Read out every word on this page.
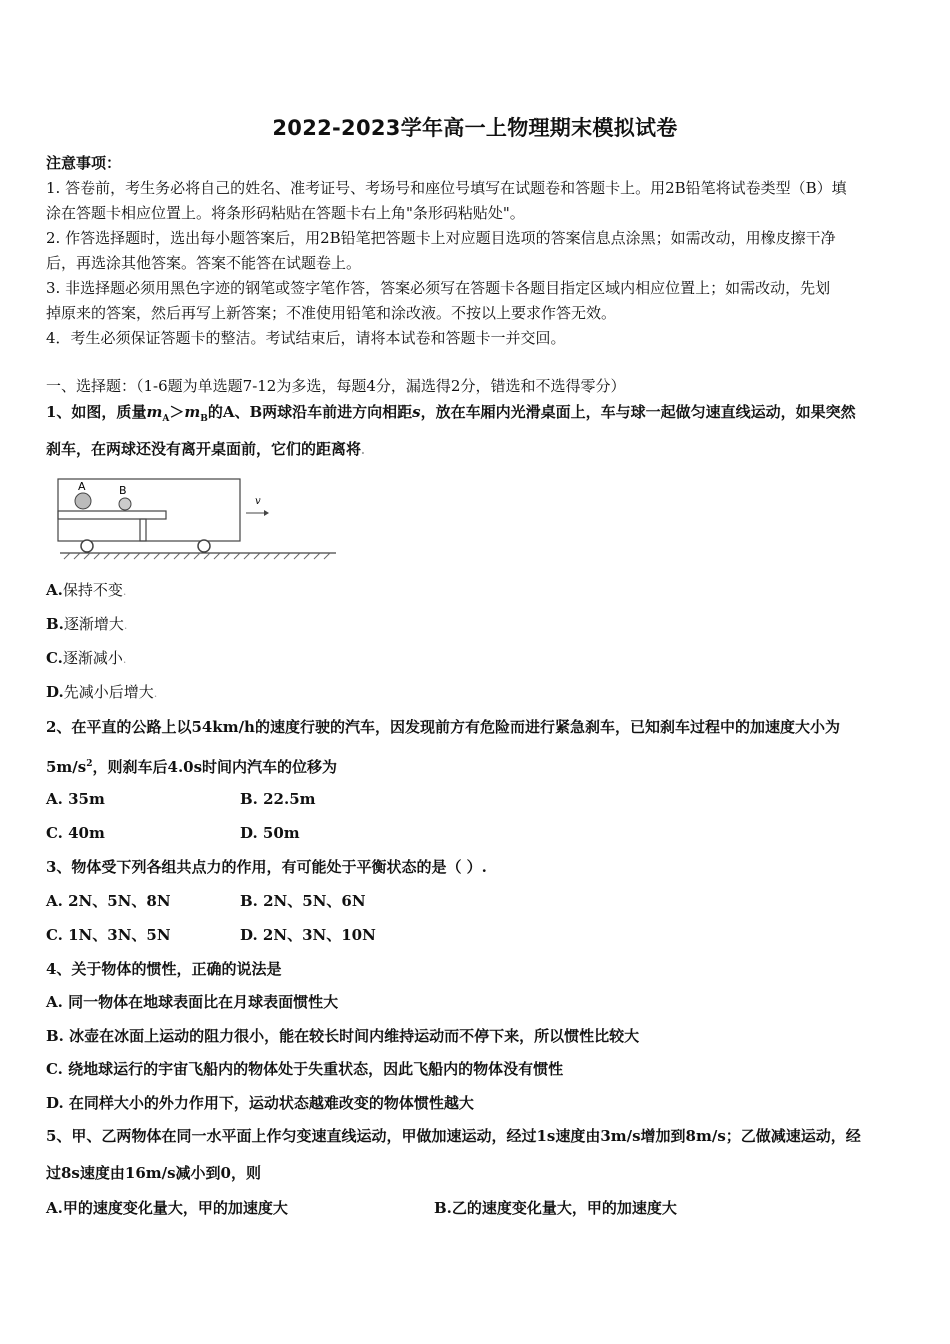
2022-2023学年高一上物理期末模拟试卷
注意事项：
1. 答卷前，考生务必将自己的姓名、准考证号、考场号和座位号填写在试题卷和答题卡上。用2B铅笔将试卷类型（B）填
涂在答题卡相应位置上。将条形码粘贴在答题卡右上角"条形码粘贴处"。
2. 作答选择题时，选出每小题答案后，用2B铅笔把答题卡上对应题目选项的答案信息点涂黑；如需改动，用橡皮擦干净
后，再选涂其他答案。答案不能答在试题卷上。
3. 非选择题必须用黑色字迹的钢笔或签字笔作答，答案必须写在答题卡各题目指定区域内相应位置上；如需改动，先划
掉原来的答案，然后再写上新答案；不准使用铅笔和涂改液。不按以上要求作答无效。
4．考生必须保证答题卡的整洁。考试结束后，请将本试卷和答题卡一并交回。
一、选择题：（1-6题为单选题7-12为多选，每题4分，漏选得2分，错选和不选得零分）
1、如图，质量$m_A>m_B$的A、B两球沿车前进方向相距s，放在车厢内光滑桌面上，车与球一起做匀速直线运动，如果突然
刹车，在两球还没有离开桌面前，它们的距离将.
A	B
v
A.保持不变.
B.逐渐增大.
C.逐渐减小.
D.先减小后增大.
2、在平直的公路上以54km/h的速度行驶的汽车，因发现前方有危险而进行紧急刹车，已知刹车过程中的加速度大小为
$5m/s^2$，则刹车后4.0s时间内汽车的位移为
A. 35m	B. 22.5m
C. 40m	D. 50m
3、物体受下列各组共点力的作用，有可能处于平衡状态的是（ ）.
A. 2N、5N、8N	B. 2N、5N、6N
C. 1N、3N、5N	D. 2N、3N、10N
4、关于物体的惯性，正确的说法是
A. 同一物体在地球表面比在月球表面惯性大
B. 冰壶在冰面上运动的阻力很小，能在较长时间内维持运动而不停下来，所以惯性比较大
C. 绕地球运行的宇宙飞船内的物体处于失重状态，因此飞船内的物体没有惯性
D. 在同样大小的外力作用下，运动状态越难改变的物体惯性越大
5、甲、乙两物体在同一水平面上作匀变速直线运动，甲做加速运动，经过1s速度由3m/s增加到8m/s；乙做减速运动，经
过8s速度由16m/s减小到0，则
A.甲的速度变化量大，甲的加速度大	B.乙的速度变化量大，甲的加速度大
